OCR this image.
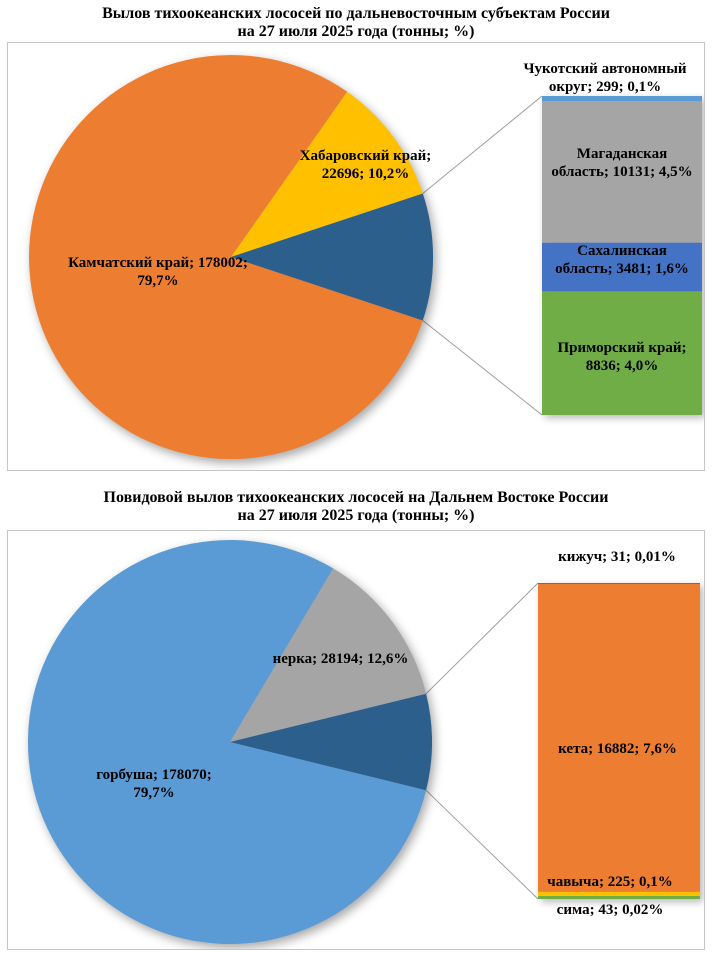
Вылов тихоокеанских лососей по дальневосточным субъектам России
на 27 июля 2025 года (тонны; %)
Камчатский край; 178002; 79,7%
Хабаровский край; 22696; 10,2%
Чукотский автономный округ; 299; 0,1%
Магаданская область; 10131; 4,5%
Сахалинская область; 3481; 1,6%
Приморский край; 8836; 4,0%
Повидовой вылов тихоокеанских лососей на Дальнем Востоке России
на 27 июля 2025 года (тонны; %)
горбуша; 178070; 79,7%
нерка; 28194; 12,6%
кижуч; 31; 0,01%
кета; 16882; 7,6%
чавыча; 225; 0,1%
сима; 43; 0,02%
